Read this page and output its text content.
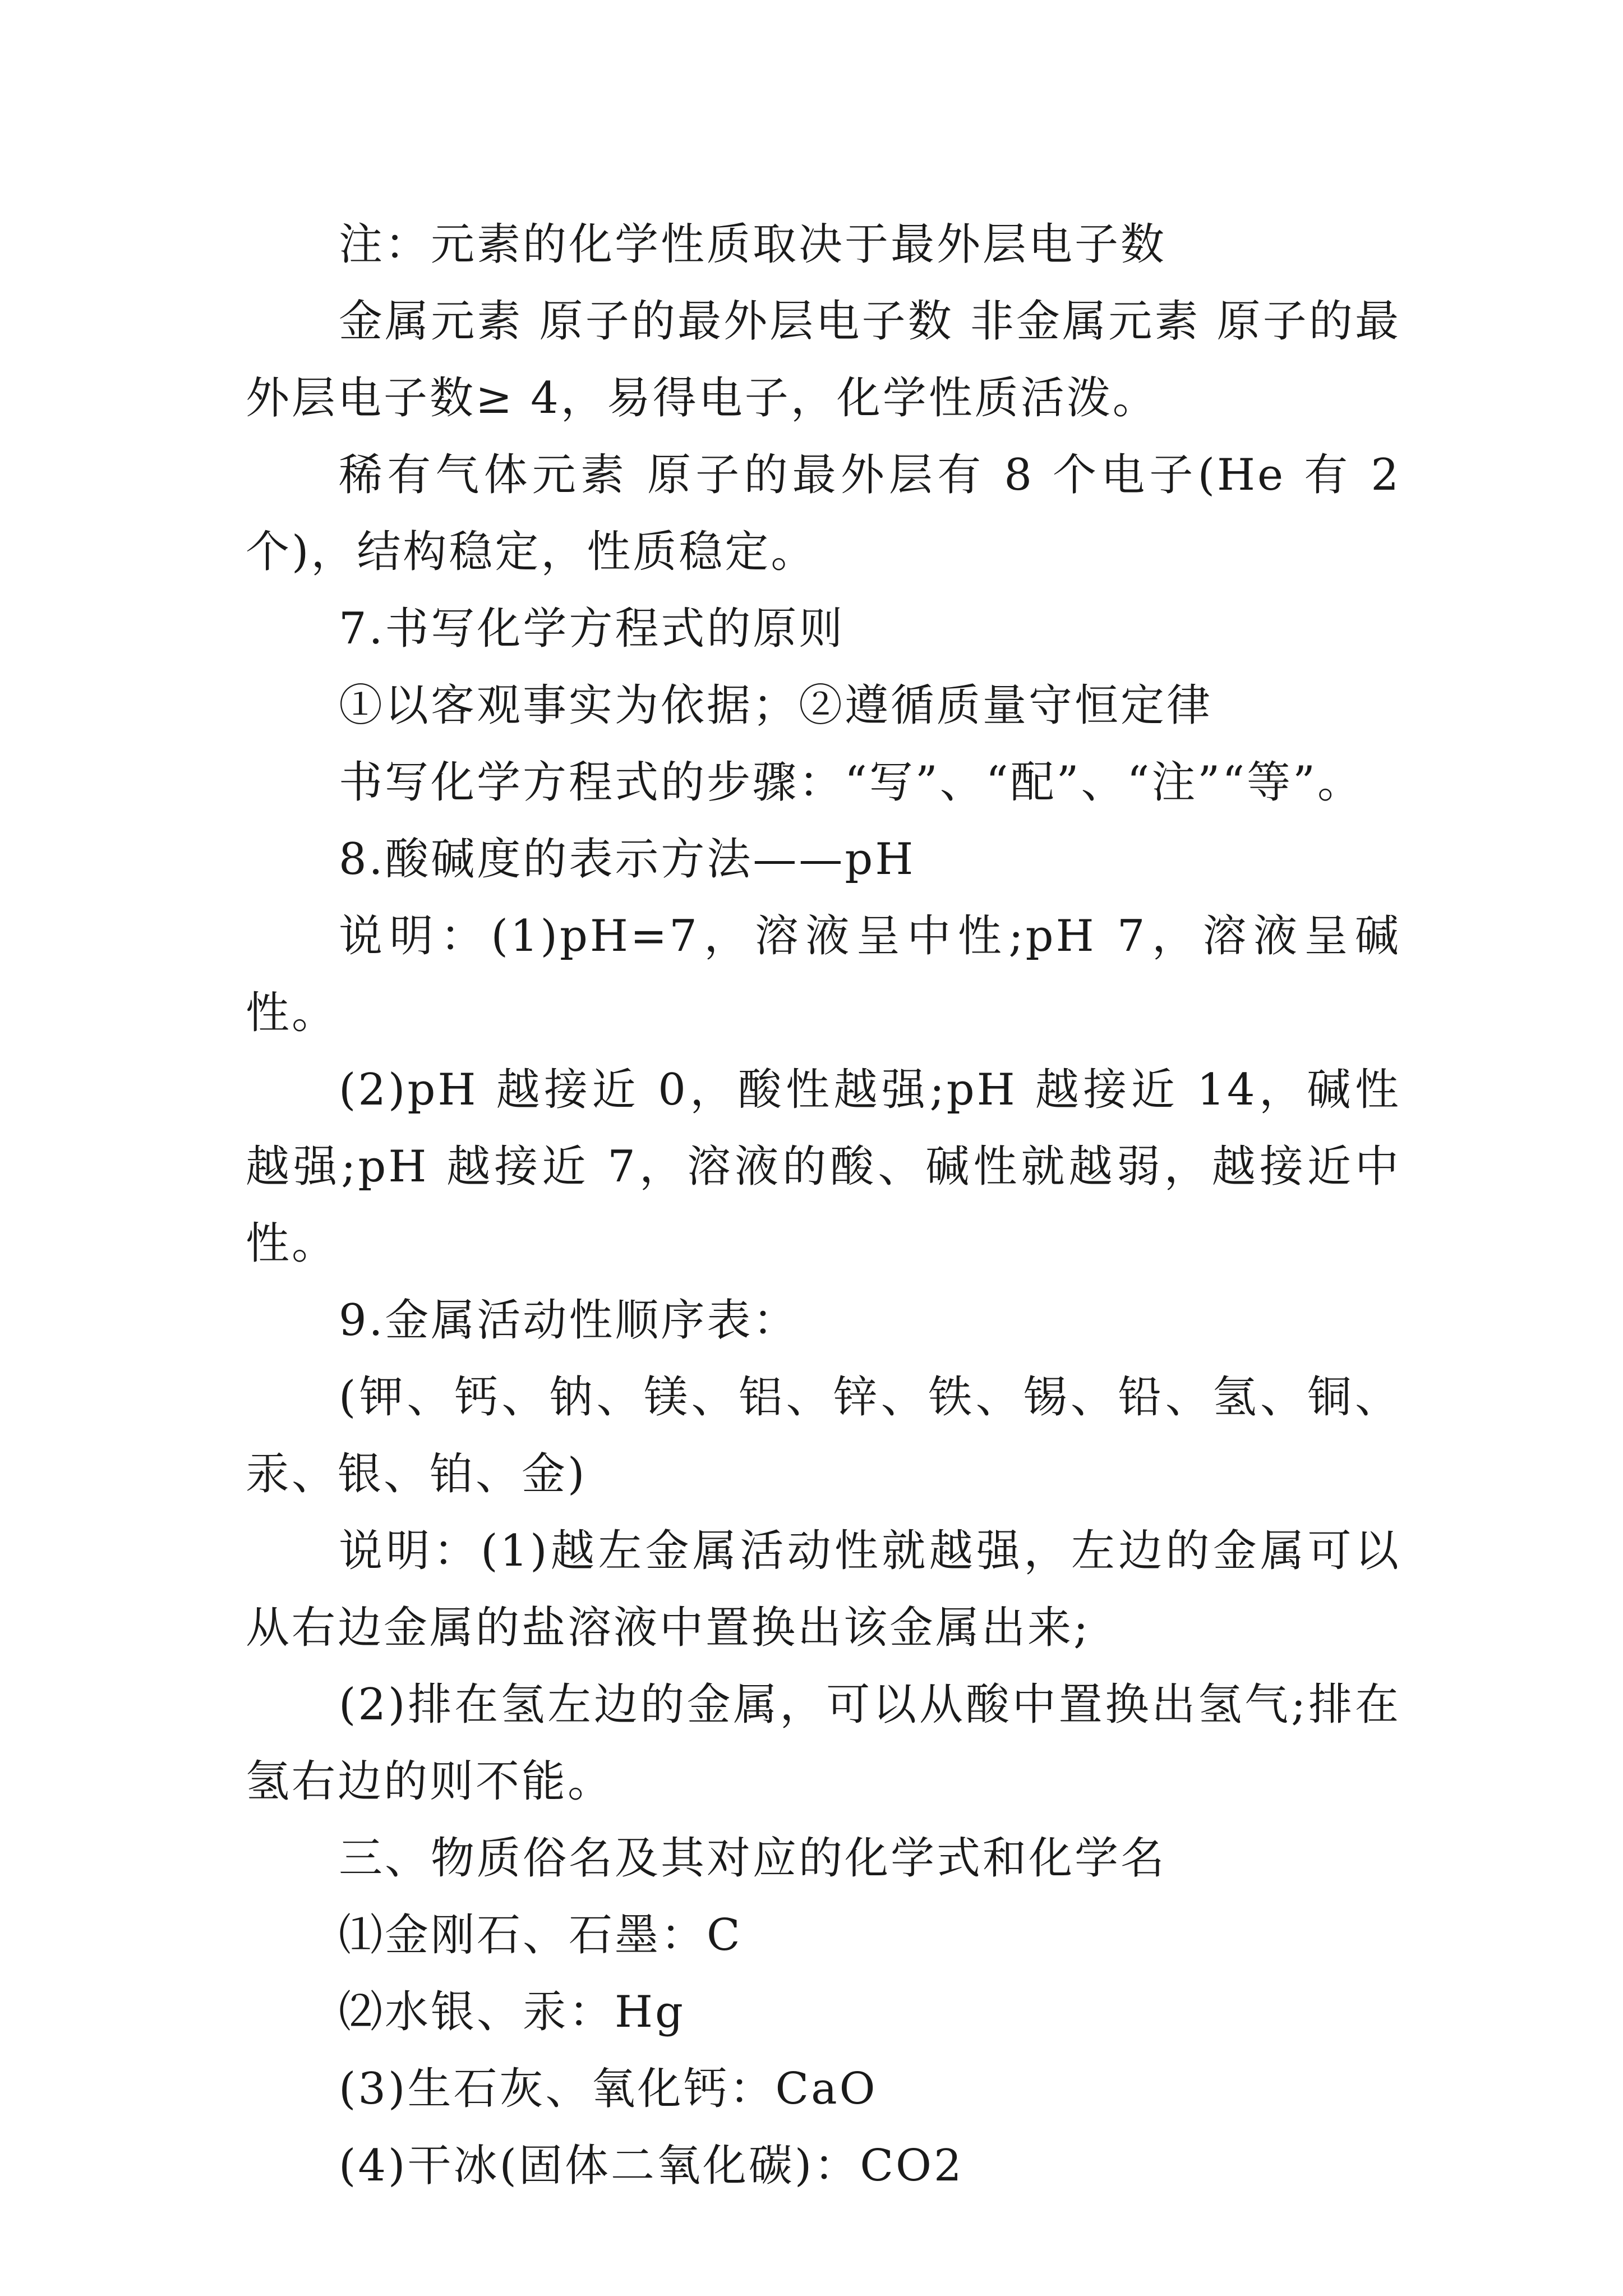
注：元素的化学性质取决于最外层电子数

金属元素 原子的最外层电子数 非金属元素 原子的最外层电子数≥ 4，易得电子，化学性质活泼。

稀有气体元素 原子的最外层有 8 个电子(He 有 2 个)，结构稳定，性质稳定。

7.书写化学方程式的原则

①以客观事实为依据；②遵循质量守恒定律

书写化学方程式的步骤：“写”、“配”、“注”“等”。

8.酸碱度的表示方法——pH

说明：(1)pH=7，溶液呈中性;pH 7，溶液呈碱性。

(2)pH 越接近 0，酸性越强;pH 越接近 14，碱性越强;pH 越接近 7，溶液的酸、碱性就越弱，越接近中性。

9.金属活动性顺序表：

(钾、钙、钠、镁、铝、锌、铁、锡、铅、氢、铜、汞、银、铂、金)

说明：(1)越左金属活动性就越强，左边的金属可以从右边金属的盐溶液中置换出该金属出来;

(2)排在氢左边的金属，可以从酸中置换出氢气;排在氢右边的则不能。

三、物质俗名及其对应的化学式和化学名

⑴金刚石、石墨：C

⑵水银、汞：Hg

(3)生石灰、氧化钙：CaO

(4)干冰(固体二氧化碳)：CO2
